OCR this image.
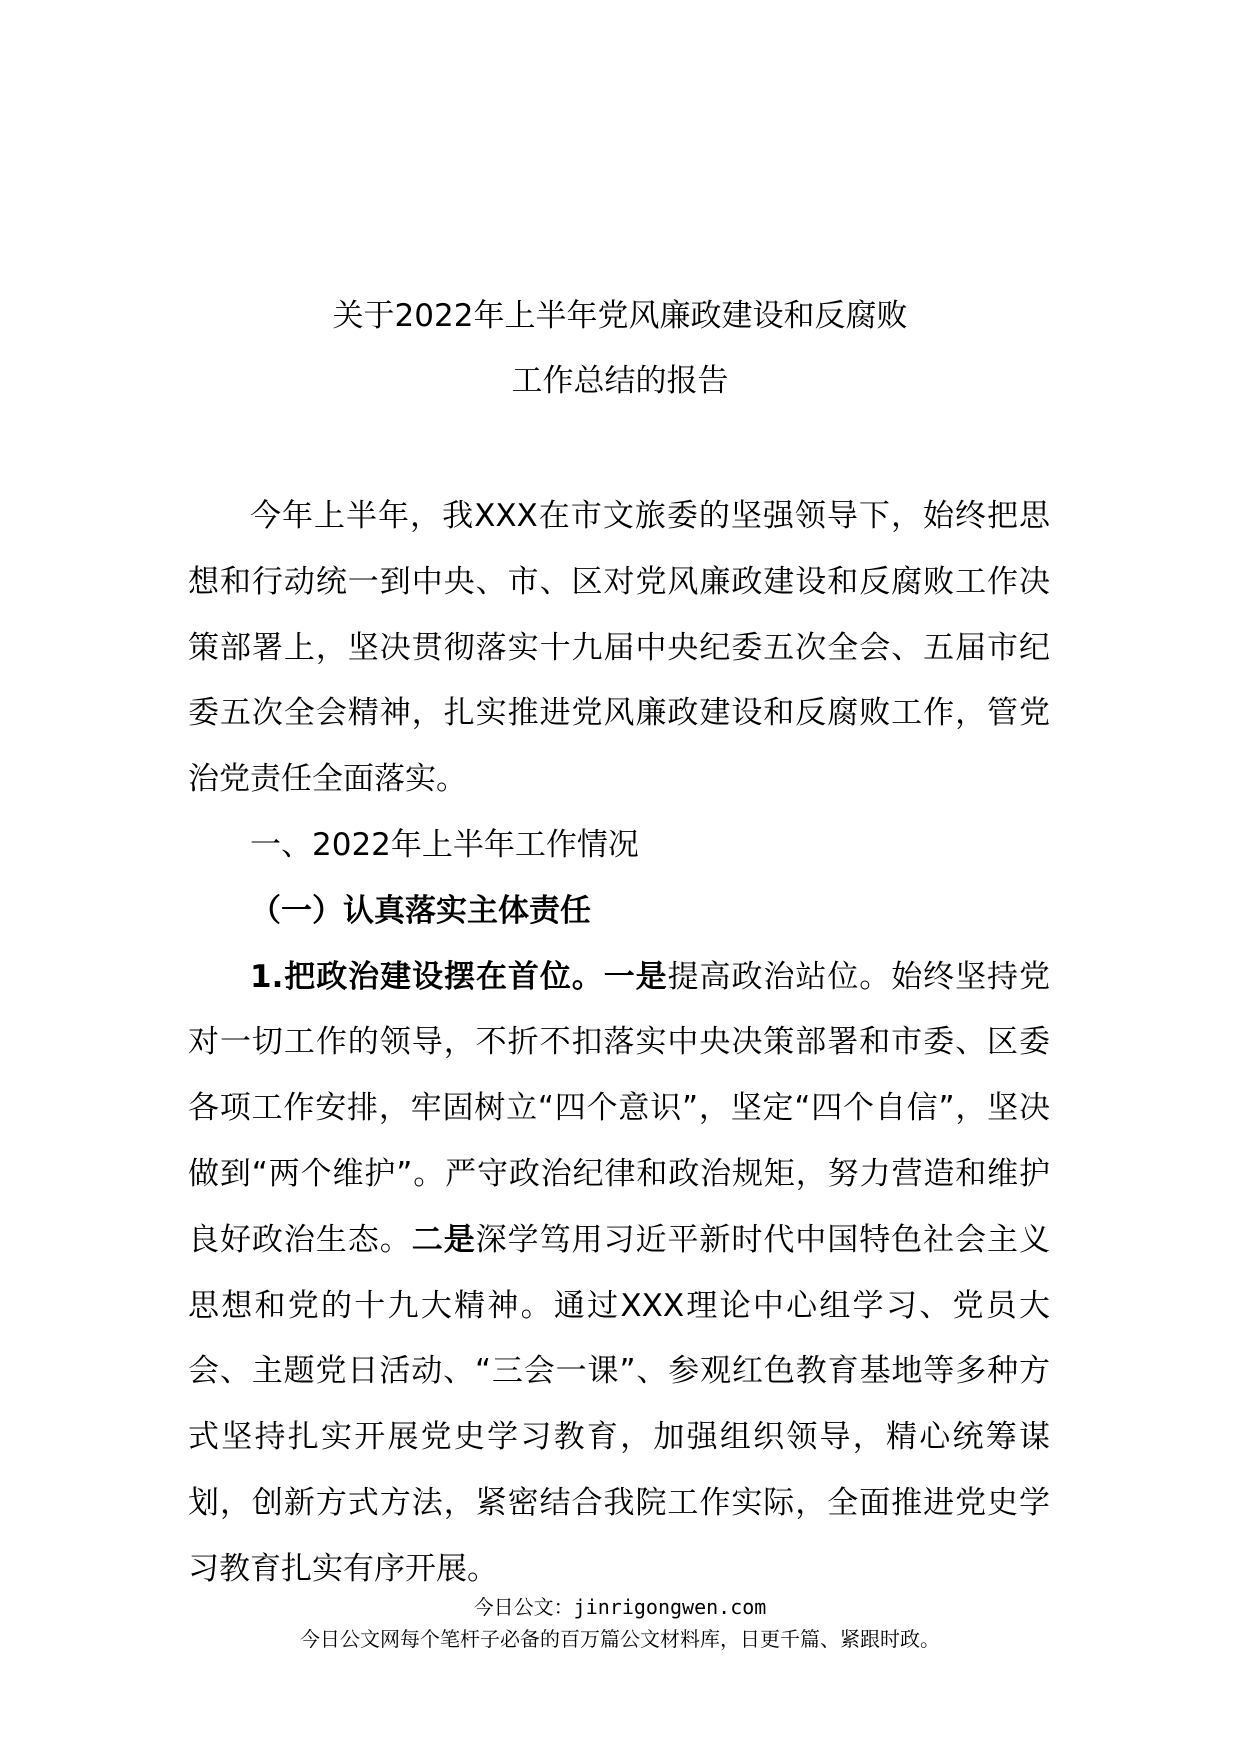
关于2022年上半年党风廉政建设和反腐败
工作总结的报告

今年上半年，我XXX在市文旅委的坚强领导下，始终把思想和行动统一到中央、市、区对党风廉政建设和反腐败工作决策部署上，坚决贯彻落实十九届中央纪委五次全会、五届市纪委五次全会精神，扎实推进党风廉政建设和反腐败工作，管党治党责任全面落实。

一、2022年上半年工作情况

（一）认真落实主体责任

1.把政治建设摆在首位。一是提高政治站位。始终坚持党对一切工作的领导，不折不扣落实中央决策部署和市委、区委各项工作安排，牢固树立“四个意识”，坚定“四个自信”，坚决做到“两个维护”。严守政治纪律和政治规矩，努力营造和维护良好政治生态。二是深学笃用习近平新时代中国特色社会主义思想和党的十九大精神。通过XXX理论中心组学习、党员大会、主题党日活动、“三会一课”、参观红色教育基地等多种方式坚持扎实开展党史学习教育，加强组织领导，精心统筹谋划，创新方式方法，紧密结合我院工作实际，全面推进党史学习教育扎实有序开展。

今日公文：jinrigongwen.com
今日公文网每个笔杆子必备的百万篇公文材料库，日更千篇、紧跟时政。
